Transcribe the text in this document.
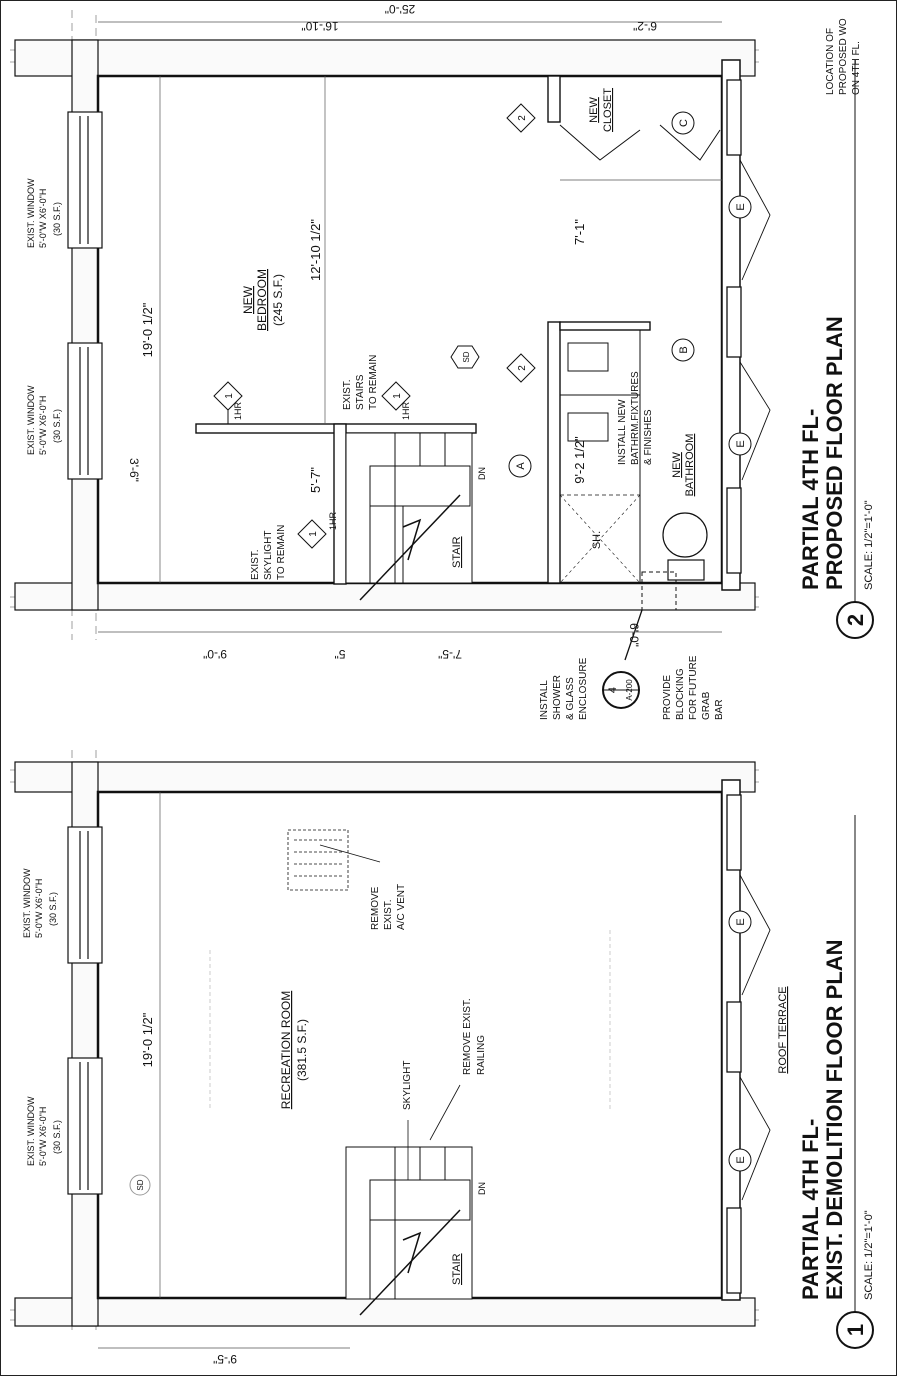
2
PARTIAL 4TH FL- PROPOSED FLOOR PLAN SCALE: 1/2"=1'-0"
EXIST. WINDOW 5'-0"W X6'-0"H (30 S.F.)
EXIST. WINDOW 5'-0"W X6'-0"H (30 S.F.)
NEW BEDROOM (245 S.F.)
NEW CLOSET
NEW BATHROOM
25'-0"
16'-10"	6'-2"
19'-0 1/2"
12'-10 1/2"	7'-1"
9'-2 1/2"
5'-7"
3'-6"
9'-0"	5"	7'-5"
6'-0"
EXIST. STAIRS TO REMAIN
EXIST. SKYLIGHT TO REMAIN
INSTALL NEW BATHRM.FIXTURES & FINISHES
INSTALL SHOWER & GLASS ENCLOSURE	PROVIDE BLOCKING FOR FUTURE GRAB BAR
LOCATION OF PROPOSED WO ON 4TH FL.
4 A-200
1
1HR
1
1HR
1
1HR
2
2
SD
A
B
C
E
E
SH.
STAIR
DN
1
PARTIAL 4TH FL- EXIST. DEMOLITION FLOOR PLAN SCALE: 1/2"=1'-0"
EXIST. WINDOW 5'-0"W X6'-0"H (30 S.F.)
EXIST. WINDOW 5'-0"W X6'-0"H (30 S.F.)
RECREATION ROOM (381.5 S.F.)
19'-0 1/2"
9'-5"
REMOVE EXIST. A/C VENT
SKYLIGHT
REMOVE EXIST. RAILING	ROOF TERRACE
E
E
SD
STAIR
DN
